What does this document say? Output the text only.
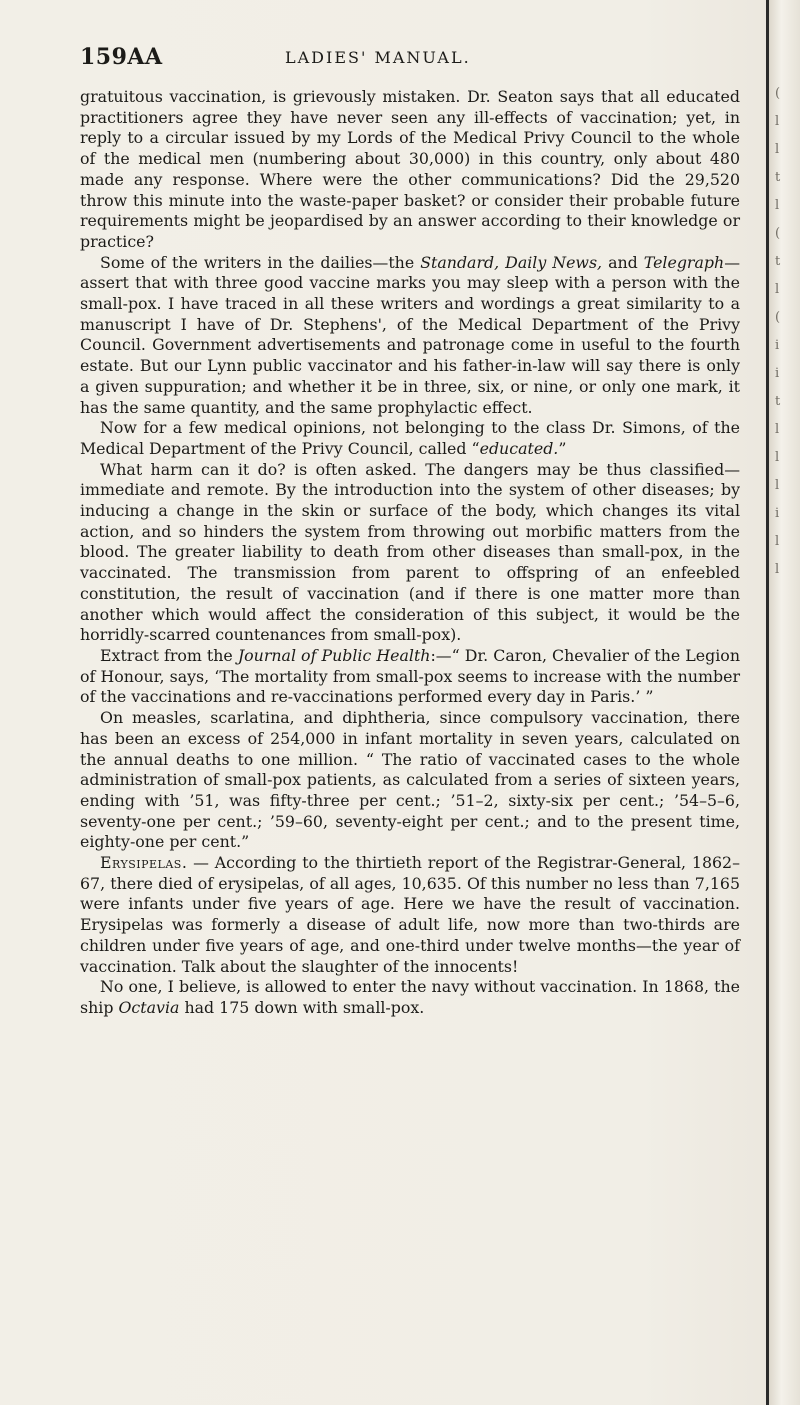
159AA	LADIES' MANUAL.

gratuitous vaccination, is grievously mistaken. Dr. Seaton says that all educated practitioners agree they have never seen any ill-effects of vaccination; yet, in reply to a circular issued by my Lords of the Medical Privy Council to the whole of the medical men (numbering about 30,000) in this country, only about 480 made any response. Where were the other communications? Did the 29,520 throw this minute into the waste-paper basket? or consider their probable future requirements might be jeopardised by an answer according to their knowledge or practice?

Some of the writers in the dailies—the Standard, Daily News, and Telegraph—assert that with three good vaccine marks you may sleep with a person with the small-pox. I have traced in all these writers and wordings a great similarity to a manuscript I have of Dr. Stephens', of the Medical Department of the Privy Council. Government advertisements and patronage come in useful to the fourth estate. But our Lynn public vaccinator and his father-in-law will say there is only a given suppuration; and whether it be in three, six, or nine, or only one mark, it has the same quantity, and the same prophylactic effect.

Now for a few medical opinions, not belonging to the class Dr. Simons, of the Medical Department of the Privy Council, called “educated.”

What harm can it do? is often asked. The dangers may be thus classified—immediate and remote. By the introduction into the system of other diseases; by inducing a change in the skin or surface of the body, which changes its vital action, and so hinders the system from throwing out morbific matters from the blood. The greater liability to death from other diseases than small-pox, in the vaccinated. The transmission from parent to offspring of an enfeebled constitution, the result of vaccination (and if there is one matter more than another which would affect the consideration of this subject, it would be the horridly-scarred countenances from small-pox).

Extract from the Journal of Public Health:—“ Dr. Caron, Chevalier of the Legion of Honour, says, ‘The mortality from small-pox seems to increase with the number of the vaccinations and re-vaccinations performed every day in Paris.’ ”

On measles, scarlatina, and diphtheria, since compulsory vaccination, there has been an excess of 254,000 in infant mortality in seven years, calculated on the annual deaths to one million. “ The ratio of vaccinated cases to the whole administration of small-pox patients, as calculated from a series of sixteen years, ending with ’51, was fifty-three per cent.; ’51–2, sixty-six per cent.; ’54–5–6, seventy-one per cent.; ’59–60, seventy-eight per cent.; and to the present time, eighty-one per cent.”

Erysipelas. — According to the thirtieth report of the Registrar-General, 1862–67, there died of erysipelas, of all ages, 10,635. Of this number no less than 7,165 were infants under five years of age. Here we have the result of vaccination. Erysipelas was formerly a disease of adult life, now more than two-thirds are children under five years of age, and one-third under twelve months—the year of vaccination. Talk about the slaughter of the innocents!

No one, I believe, is allowed to enter the navy without vaccination. In 1868, the ship Octavia had 175 down with small-pox.

(
l
l
t
l
(
t
l
(
i
i
t
l
l
l
i
l
l
